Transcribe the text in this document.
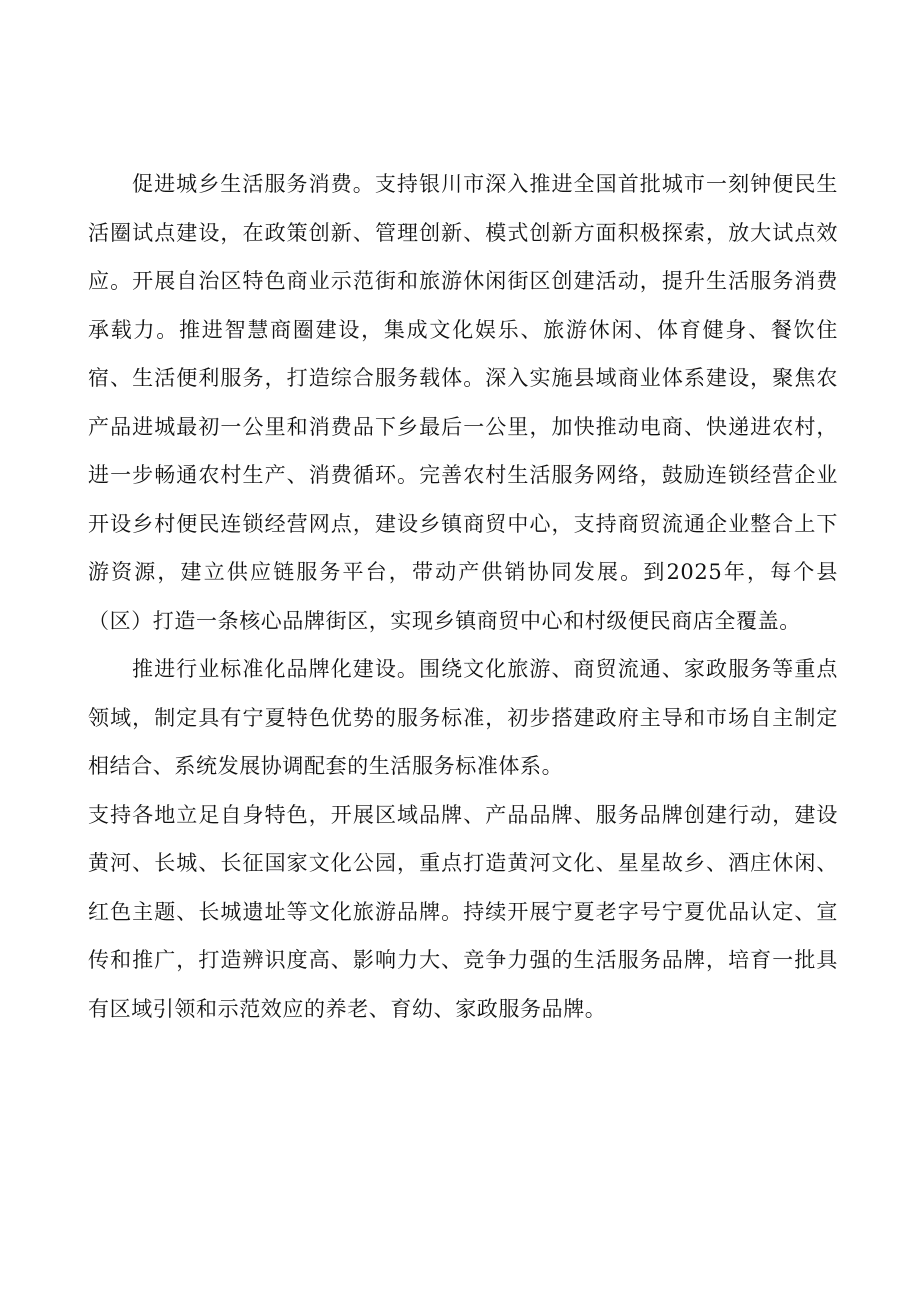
促进城乡生活服务消费。支持银川市深入推进全国首批城市一刻钟便民生活圈试点建设，在政策创新、管理创新、模式创新方面积极探索，放大试点效应。开展自治区特色商业示范街和旅游休闲街区创建活动，提升生活服务消费承载力。推进智慧商圈建设，集成文化娱乐、旅游休闲、体育健身、餐饮住宿、生活便利服务，打造综合服务载体。深入实施县域商业体系建设，聚焦农产品进城最初一公里和消费品下乡最后一公里，加快推动电商、快递进农村，进一步畅通农村生产、消费循环。完善农村生活服务网络，鼓励连锁经营企业开设乡村便民连锁经营网点，建设乡镇商贸中心，支持商贸流通企业整合上下游资源，建立供应链服务平台，带动产供销协同发展。到2025年，每个县（区）打造一条核心品牌街区，实现乡镇商贸中心和村级便民商店全覆盖。

推进行业标准化品牌化建设。围绕文化旅游、商贸流通、家政服务等重点领域，制定具有宁夏特色优势的服务标准，初步搭建政府主导和市场自主制定相结合、系统发展协调配套的生活服务标准体系。

支持各地立足自身特色，开展区域品牌、产品品牌、服务品牌创建行动，建设黄河、长城、长征国家文化公园，重点打造黄河文化、星星故乡、酒庄休闲、红色主题、长城遗址等文化旅游品牌。持续开展宁夏老字号宁夏优品认定、宣传和推广，打造辨识度高、影响力大、竞争力强的生活服务品牌，培育一批具有区域引领和示范效应的养老、育幼、家政服务品牌。
